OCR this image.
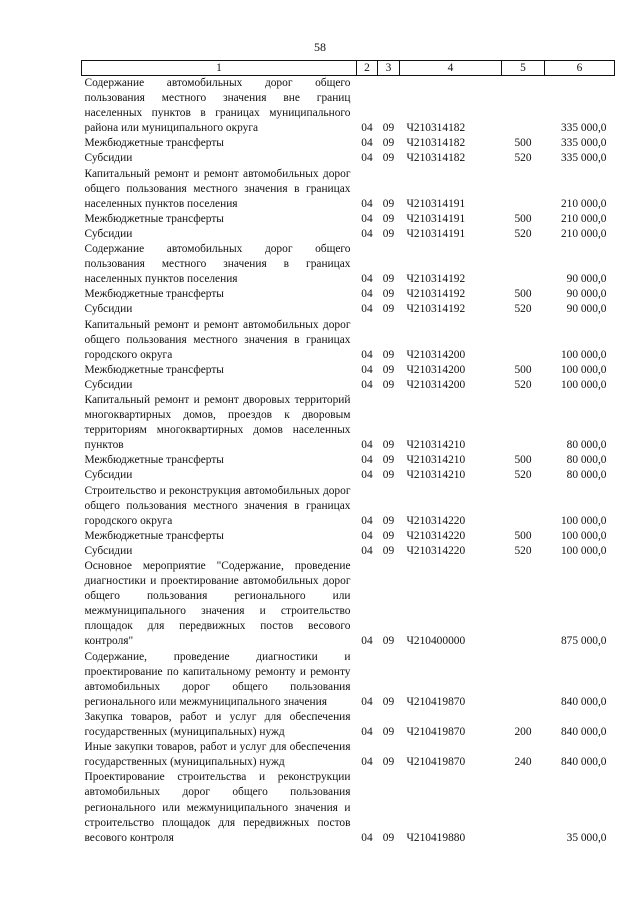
58
1	2	3	4	5	6
Содержание автомобильных дорог общего пользования местного значения вне границ населенных пунктов в границах муниципального района или муниципального округа	04	09	Ч210314182		335 000,0
Межбюджетные трансферты	04	09	Ч210314182	500	335 000,0
Субсидии	04	09	Ч210314182	520	335 000,0
Капитальный ремонт и ремонт автомобильных дорог общего пользования местного значения в границах населенных пунктов поселения	04	09	Ч210314191		210 000,0
Межбюджетные трансферты	04	09	Ч210314191	500	210 000,0
Субсидии	04	09	Ч210314191	520	210 000,0
Содержание автомобильных дорог общего пользования местного значения в границах населенных пунктов поселения	04	09	Ч210314192		90 000,0
Межбюджетные трансферты	04	09	Ч210314192	500	90 000,0
Субсидии	04	09	Ч210314192	520	90 000,0
Капитальный ремонт и ремонт автомобильных дорог общего пользования местного значения в границах городского округа	04	09	Ч210314200		100 000,0
Межбюджетные трансферты	04	09	Ч210314200	500	100 000,0
Субсидии	04	09	Ч210314200	520	100 000,0
Капитальный ремонт и ремонт дворовых территорий многоквартирных домов, проездов к дворовым территориям многоквартирных домов населенных пунктов	04	09	Ч210314210		80 000,0
Межбюджетные трансферты	04	09	Ч210314210	500	80 000,0
Субсидии	04	09	Ч210314210	520	80 000,0
Строительство и реконструкция автомобильных дорог общего пользования местного значения в границах городского округа	04	09	Ч210314220		100 000,0
Межбюджетные трансферты	04	09	Ч210314220	500	100 000,0
Субсидии	04	09	Ч210314220	520	100 000,0
Основное мероприятие "Содержание, проведение диагностики и проектирование автомобильных дорог общего пользования регионального или межмуниципального значения и строительство площадок для передвижных постов весового контроля"	04	09	Ч210400000		875 000,0
Содержание, проведение диагностики и проектирование по капитальному ремонту и ремонту автомобильных дорог общего пользования регионального или межмуниципального значения	04	09	Ч210419870		840 000,0
Закупка товаров, работ и услуг для обеспечения государственных (муниципальных) нужд	04	09	Ч210419870	200	840 000,0
Иные закупки товаров, работ и услуг для обеспечения государственных (муниципальных) нужд	04	09	Ч210419870	240	840 000,0
Проектирование строительства и реконструкции автомобильных дорог общего пользования регионального или межмуниципального значения и строительство площадок для передвижных постов весового контроля	04	09	Ч210419880		35 000,0
